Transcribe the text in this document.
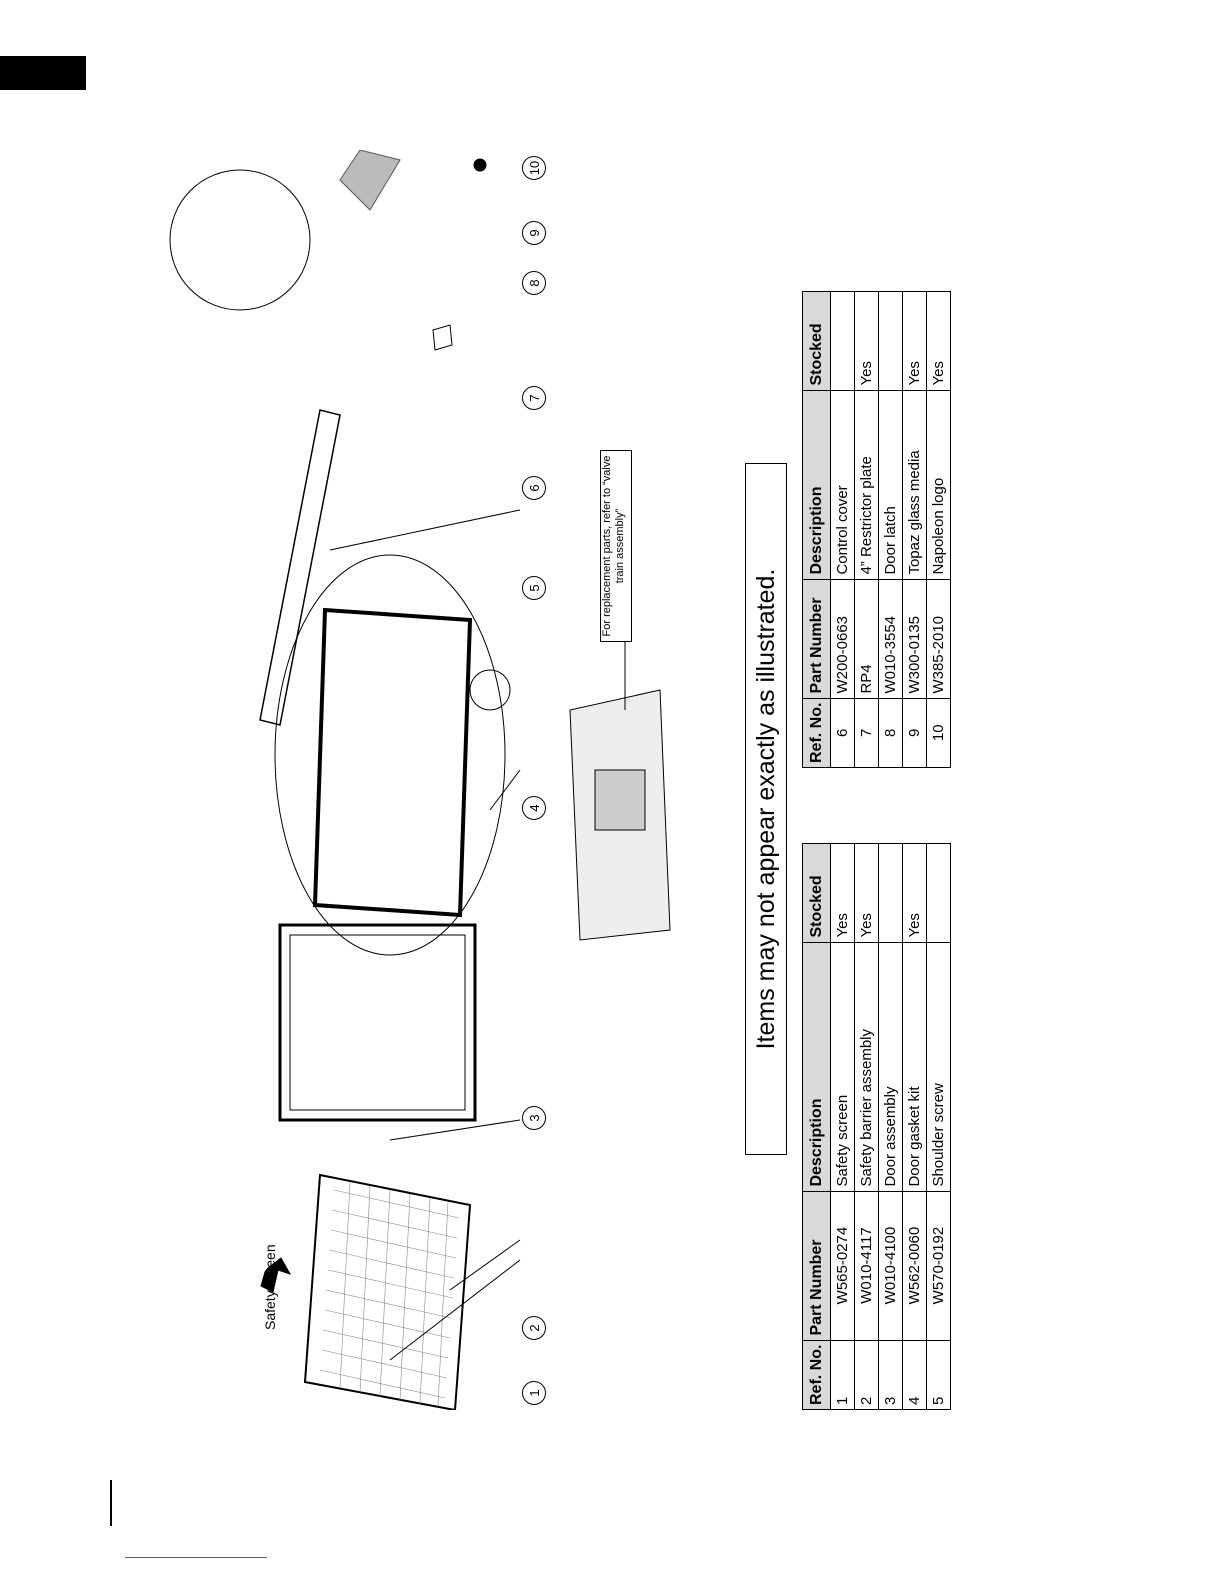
Safety screen
1
2
3
4
5
6
7
8
9
10
For replacement parts, refer to “valve train assembly”
Items may not appear exactly as illustrated.
Ref. No.	Part Number	Description	Stocked
1	W565-0274	Safety screen	Yes
2	W010-4117	Safety barrier assembly	Yes
3	W010-4100	Door assembly	
4	W562-0060	Door gasket kit	Yes
5	W570-0192	Shoulder screw	
Ref. No.	Part Number	Description	Stocked
6	W200-0663	Control cover	
7	RP4	4” Restrictor plate	Yes
8	W010-3554	Door latch	
9	W300-0135	Topaz glass media	Yes
10	W385-2010	Napoleon logo	Yes
